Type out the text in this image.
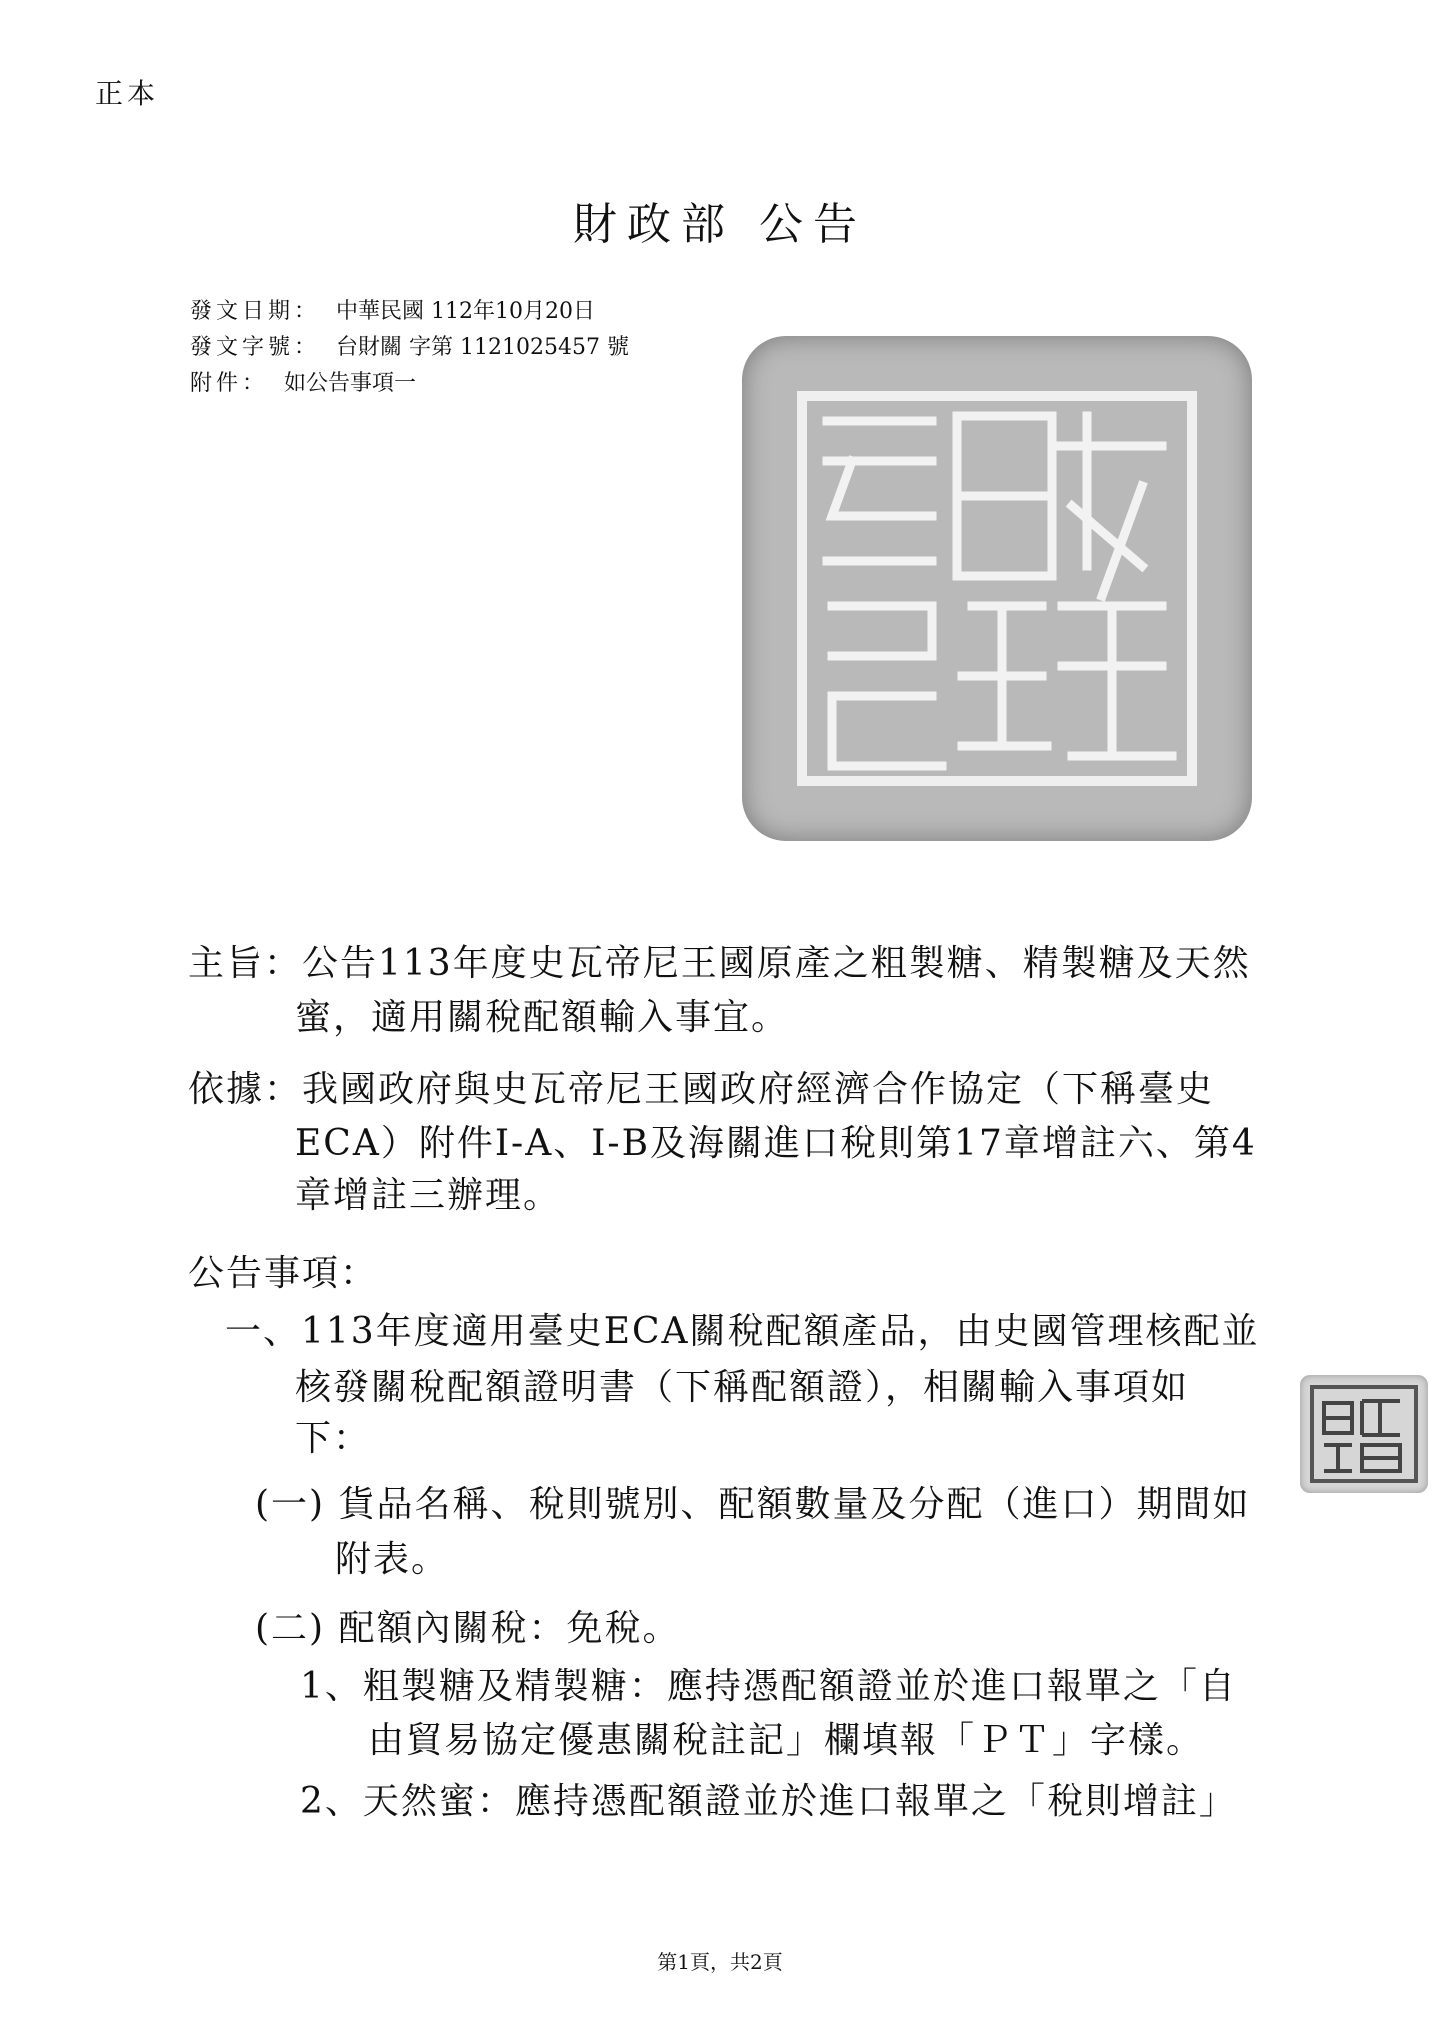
正本
財政部 公告
發文日期： 中華民國 112年10月20日
發文字號： 台財關 字第 1121025457 號
附件： 如公告事項一
主旨：公告113年度史瓦帝尼王國原產之粗製糖、精製糖及天然
蜜，適用關稅配額輸入事宜。
依據：我國政府與史瓦帝尼王國政府經濟合作協定（下稱臺史
ECA）附件I-A、I-B及海關進口稅則第17章增註六、第4
章增註三辦理。
公告事項：
一、113年度適用臺史ECA關稅配額產品，由史國管理核配並
核發關稅配額證明書（下稱配額證），相關輸入事項如
下：
(一) 貨品名稱、稅則號別、配額數量及分配（進口）期間如
附表。
(二) 配額內關稅：免稅。
1、粗製糖及精製糖：應持憑配額證並於進口報單之「自
由貿易協定優惠關稅註記」欄填報「ＰＴ」字樣。
2、天然蜜：應持憑配額證並於進口報單之「稅則增註」
第1頁，共2頁
